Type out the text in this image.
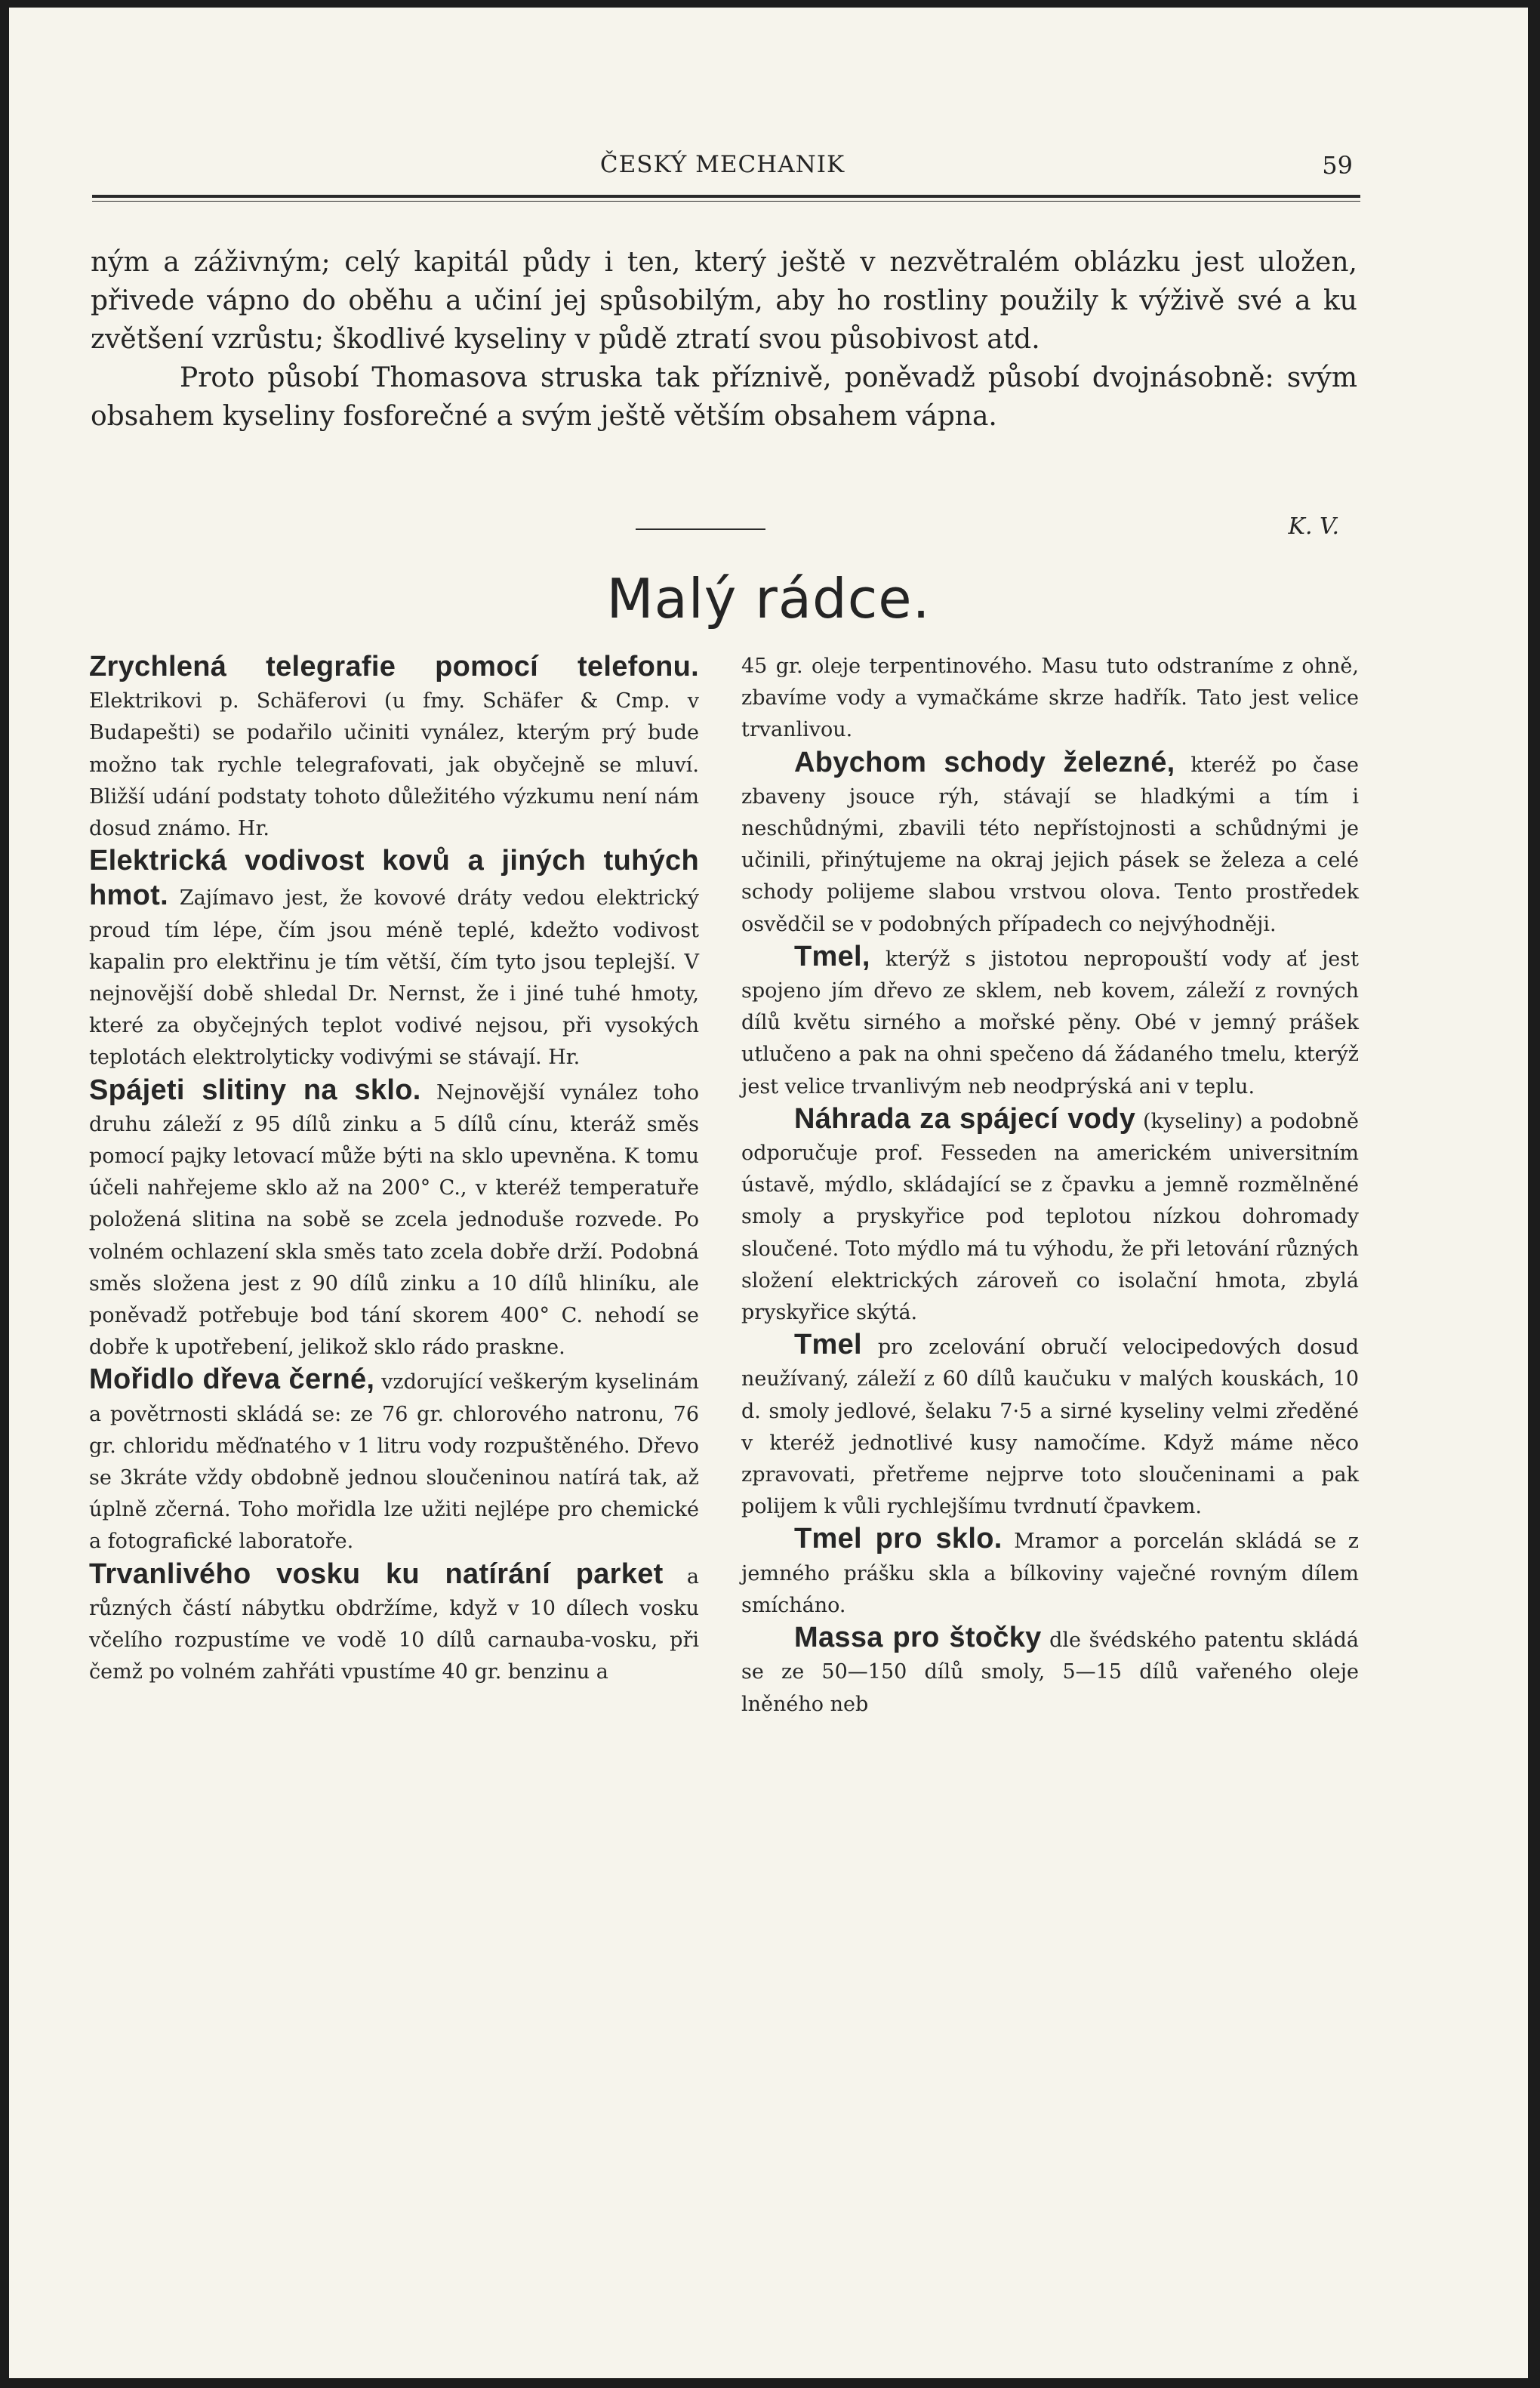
ČESKÝ MECHANIK	59

ným a záživným; celý kapitál půdy i ten, který ještě v nezvětralém oblázku jest uložen, přivede vápno do oběhu a učiní jej spůsobilým, aby ho rostliny použily k výživě své a ku zvětšení vzrůstu; škodlivé kyseliny v půdě ztratí svou působivost atd.

Proto působí Thomasova struska tak příznivě, poněvadž působí dvojnásobně: svým obsahem kyseliny fosforečné a svým ještě větším obsahem vápna.

K. V.
Malý rádce.

Zrychlená telegrafie pomocí telefonu. Elektrikovi p. Schäferovi (u fmy. Schäfer & Cmp. v Budapešti) se podařilo učiniti vynález, kterým prý bude možno tak rychle telegrafovati, jak obyčejně se mluví. Bližší udání podstaty tohoto důležitého výzkumu není nám dosud známo. Hr.

Elektrická vodivost kovů a jiných tuhých hmot. Zajímavo jest, že kovové dráty vedou elektrický proud tím lépe, čím jsou méně teplé, kdežto vodivost kapalin pro elektřinu je tím větší, čím tyto jsou teplejší. V nejnovější době shledal Dr. Nernst, že i jiné tuhé hmoty, které za obyčejných teplot vodivé nejsou, při vysokých teplotách elektrolyticky vodivými se stávají. Hr.

Spájeti slitiny na sklo. Nejnovější vynález toho druhu záleží z 95 dílů zinku a 5 dílů cínu, kteráž směs pomocí pajky letovací může býti na sklo upevněna. K tomu účeli nahřejeme sklo až na 200° C., v kteréž temperatuře položená slitina na sobě se zcela jednoduše rozvede. Po volném ochlazení skla směs tato zcela dobře drží. Podobná směs složena jest z 90 dílů zinku a 10 dílů hliníku, ale poněvadž potřebuje bod tání skorem 400° C. nehodí se dobře k upotřebení, jelikož sklo rádo praskne.

Mořidlo dřeva černé, vzdorující veškerým kyselinám a povětrnosti skládá se: ze 76 gr. chlorového natronu, 76 gr. chloridu měďnatého v 1 litru vody rozpuštěného. Dřevo se 3kráte vždy obdobně jednou sloučeninou natírá tak, až úplně zčerná. Toho mořidla lze užiti nejlépe pro chemické a fotografické laboratoře.

Trvanlivého vosku ku natírání parket a různých částí nábytku obdržíme, když v 10 dílech vosku včelího rozpustíme ve vodě 10 dílů carnauba-vosku, při čemž po volném zahřáti vpustíme 40 gr. benzinu a

45 gr. oleje terpentinového. Masu tuto odstraníme z ohně, zbavíme vody a vymačkáme skrze hadřík. Tato jest velice trvanlivou.

Abychom schody železné, kteréž po čase zbaveny jsouce rýh, stávají se hladkými a tím i neschůdnými, zbavili této nepřístojnosti a schůdnými je učinili, přinýtujeme na okraj jejich pásek se železa a celé schody polijeme slabou vrstvou olova. Tento prostředek osvědčil se v podobných případech co nejvýhodněji.

Tmel, kterýž s jistotou nepropouští vody ať jest spojeno jím dřevo ze sklem, neb kovem, záleží z rovných dílů květu sirného a mořské pěny. Obé v jemný prášek utlučeno a pak na ohni spečeno dá žádaného tmelu, kterýž jest velice trvanlivým neb neodprýská ani v teplu.

Náhrada za spájecí vody (kyseliny) a podobně odporučuje prof. Fesseden na americkém universitním ústavě, mýdlo, skládající se z čpavku a jemně rozmělněné smoly a pryskyřice pod teplotou nízkou dohromady sloučené. Toto mýdlo má tu výhodu, že při letování různých složení elektrických zároveň co isolační hmota, zbylá pryskyřice skýtá.

Tmel pro zcelování obručí velocipedových dosud neužívaný, záleží z 60 dílů kaučuku v malých kouskách, 10 d. smoly jedlové, šelaku 7·5 a sirné kyseliny velmi zředěné v kteréž jednotlivé kusy namočíme. Když máme něco zpravovati, přetřeme nejprve toto sloučeninami a pak polijem k vůli rychlejšímu tvrdnutí čpavkem.

Tmel pro sklo. Mramor a porcelán skládá se z jemného prášku skla a bílkoviny vaječné rovným dílem smícháno.

Massa pro štočky dle švédského patentu skládá se ze 50—150 dílů smoly, 5—15 dílů vařeného oleje lněného neb
